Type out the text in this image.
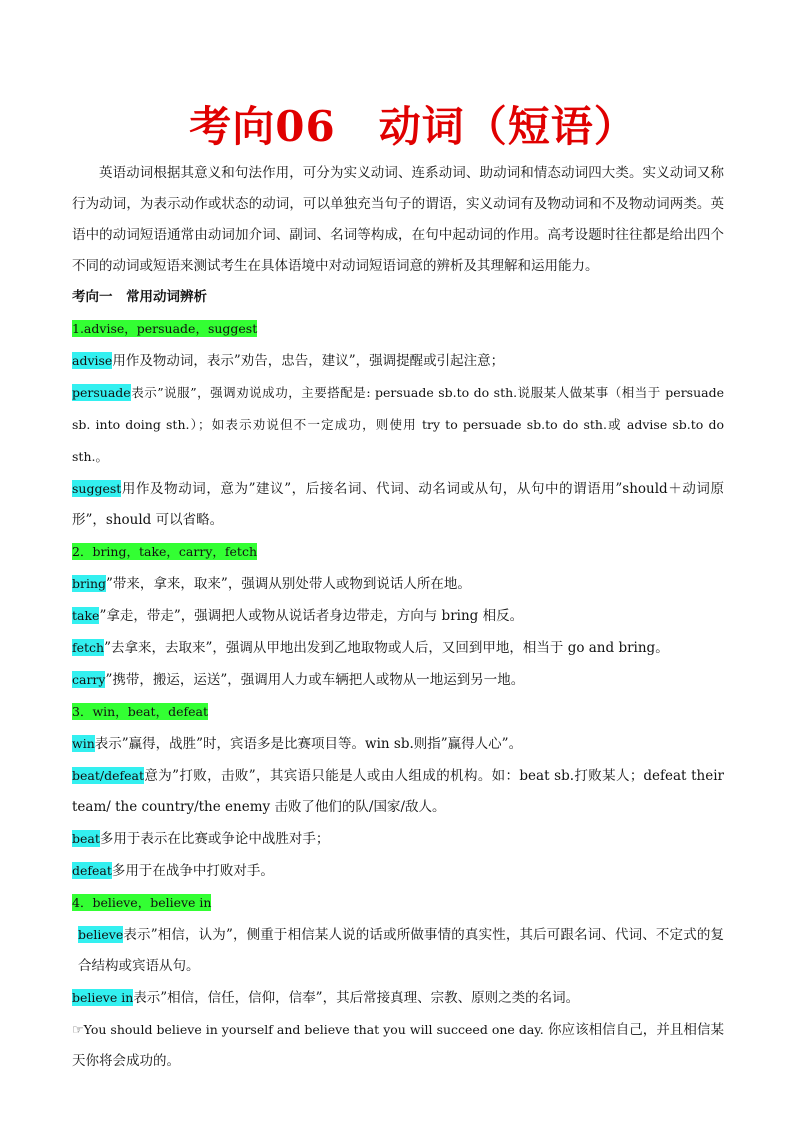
考向06　动词（短语）

英语动词根据其意义和句法作用，可分为实义动词、连系动词、助动词和情态动词四大类。实义动词又称行为动词，为表示动作或状态的动词，可以单独充当句子的谓语，实义动词有及物动词和不及物动词两类。英语中的动词短语通常由动词加介词、副词、名词等构成，在句中起动词的作用。高考设题时往往都是给出四个不同的动词或短语来测试考生在具体语境中对动词短语词意的辨析及其理解和运用能力。

考向一　常用动词辨析

1.advise，persuade，suggest

advise用作及物动词，表示”劝告，忠告，建议”，强调提醒或引起注意；

persuade表示”说服”，强调劝说成功，主要搭配是: persuade sb.to do sth.说服某人做某事（相当于 persuade sb. into doing sth.）；如表示劝说但不一定成功，则使用 try to persuade sb.to do sth.或 advise sb.to do sth.。

suggest用作及物动词，意为”建议”，后接名词、代词、动名词或从句，从句中的谓语用”should＋动词原形”，should 可以省略。

2．bring，take，carry，fetch

bring”带来，拿来，取来”，强调从别处带人或物到说话人所在地。

take”拿走，带走”，强调把人或物从说话者身边带走，方向与 bring 相反。

fetch”去拿来，去取来”，强调从甲地出发到乙地取物或人后，又回到甲地，相当于 go and bring。

carry”携带，搬运，运送”，强调用人力或车辆把人或物从一地运到另一地。

3．win，beat，defeat

win表示”赢得，战胜”时，宾语多是比赛项目等。win sb.则指”赢得人心”。

beat/defeat意为”打败，击败”，其宾语只能是人或由人组成的机构。如：beat sb.打败某人；defeat their team/ the country/the enemy 击败了他们的队/国家/敌人。

beat多用于表示在比赛或争论中战胜对手；

defeat多用于在战争中打败对手。

4．believe，believe in

believe表示”相信，认为”，侧重于相信某人说的话或所做事情的真实性，其后可跟名词、代词、不定式的复合结构或宾语从句。

believe in表示”相信，信任，信仰，信奉”，其后常接真理、宗教、原则之类的名词。

☞You should believe in yourself and believe that you will succeed one day. 你应该相信自己，并且相信某天你将会成功的。
